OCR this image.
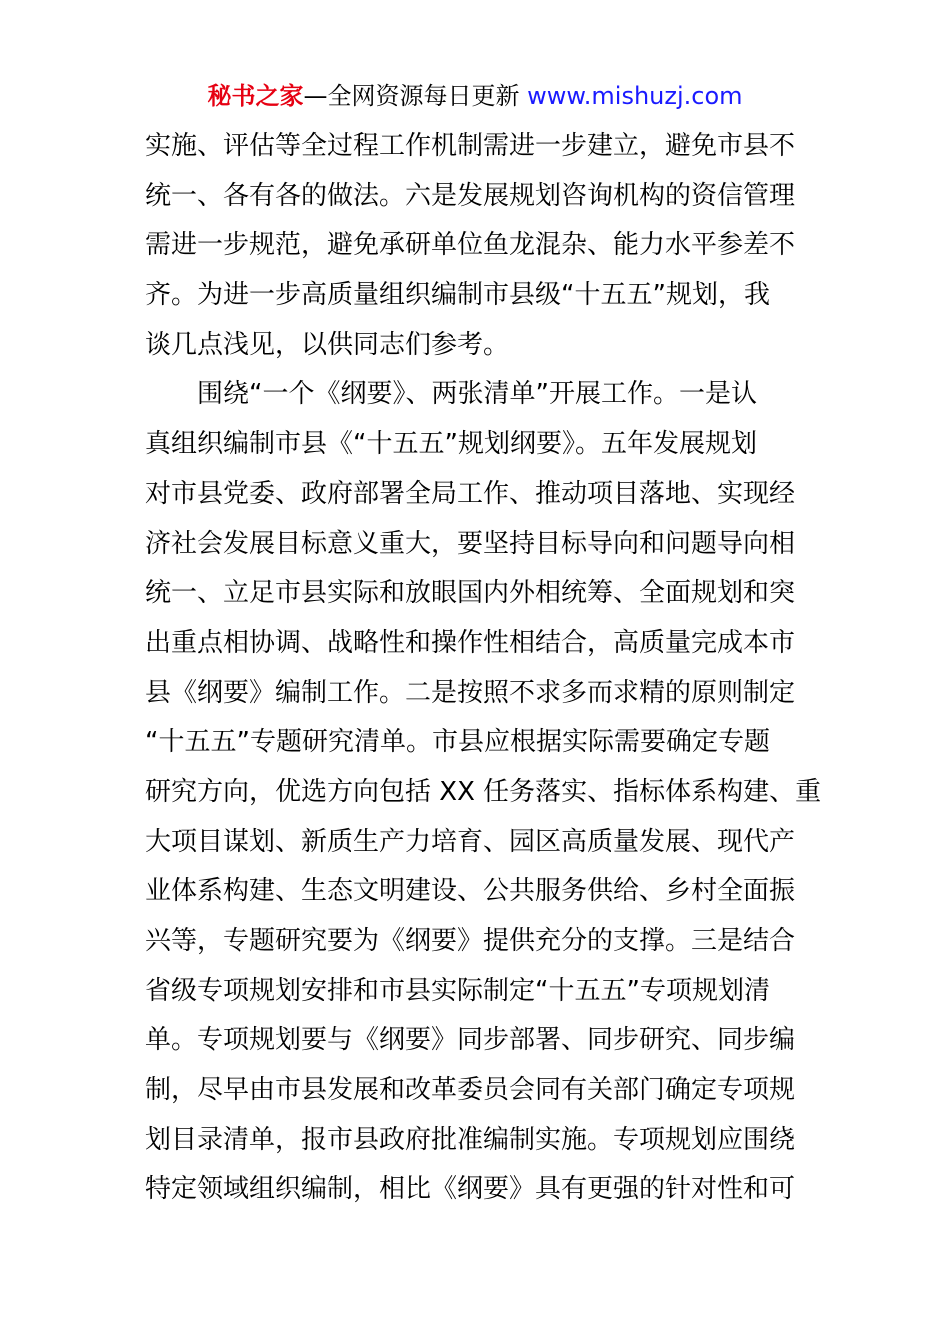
秘书之家—全网资源每日更新 www.mishuzj.com
实施、评估等全过程工作机制需进一步建立，避免市县不
统一、各有各的做法。六是发展规划咨询机构的资信管理
需进一步规范，避免承研单位鱼龙混杂、能力水平参差不
齐。为进一步高质量组织编制市县级“十五五”规划，我
谈几点浅见，以供同志们参考。
围绕“一个《纲要》、两张清单”开展工作。一是认
真组织编制市县《“十五五”规划纲要》。五年发展规划
对市县党委、政府部署全局工作、推动项目落地、实现经
济社会发展目标意义重大，要坚持目标导向和问题导向相
统一、立足市县实际和放眼国内外相统筹、全面规划和突
出重点相协调、战略性和操作性相结合，高质量完成本市
县《纲要》编制工作。二是按照不求多而求精的原则制定
“十五五”专题研究清单。市县应根据实际需要确定专题
研究方向，优选方向包括 XX 任务落实、指标体系构建、重
大项目谋划、新质生产力培育、园区高质量发展、现代产
业体系构建、生态文明建设、公共服务供给、乡村全面振
兴等，专题研究要为《纲要》提供充分的支撑。三是结合
省级专项规划安排和市县实际制定“十五五”专项规划清
单。专项规划要与《纲要》同步部署、同步研究、同步编
制，尽早由市县发展和改革委员会同有关部门确定专项规
划目录清单，报市县政府批准编制实施。专项规划应围绕
特定领域组织编制，相比《纲要》具有更强的针对性和可
